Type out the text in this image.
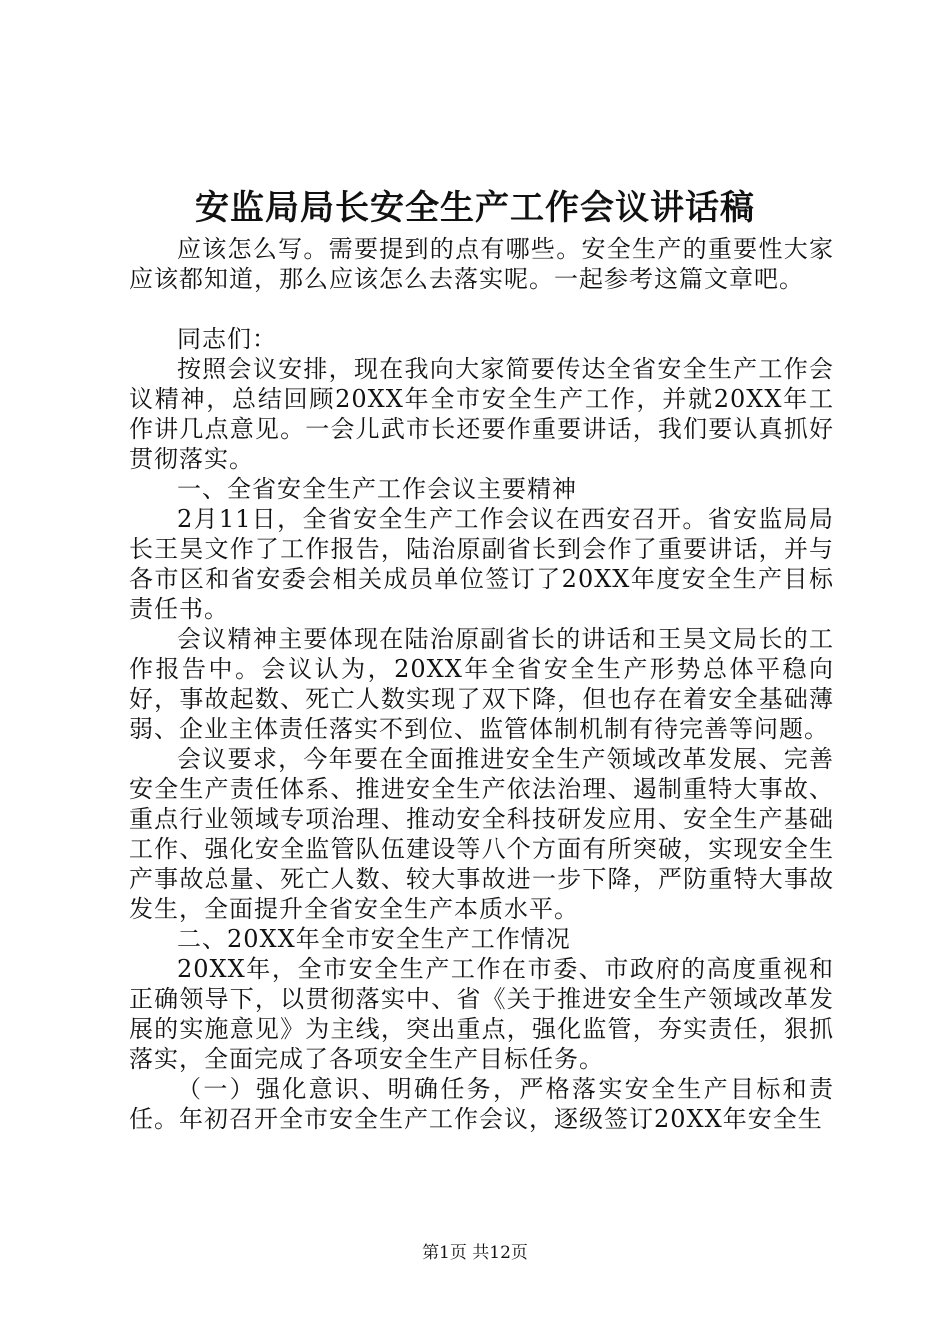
安监局局长安全生产工作会议讲话稿

应该怎么写。需要提到的点有哪些。安全生产的重要性大家应该都知道，那么应该怎么去落实呢。一起参考这篇文章吧。

同志们：

按照会议安排，现在我向大家简要传达全省安全生产工作会议精神，总结回顾20XX年全市安全生产工作，并就20XX年工作讲几点意见。一会儿武市长还要作重要讲话，我们要认真抓好贯彻落实。

一、全省安全生产工作会议主要精神

2月11日，全省安全生产工作会议在西安召开。省安监局局长王昊文作了工作报告，陆治原副省长到会作了重要讲话，并与各市区和省安委会相关成员单位签订了20XX年度安全生产目标责任书。

会议精神主要体现在陆治原副省长的讲话和王昊文局长的工作报告中。会议认为，20XX年全省安全生产形势总体平稳向好，事故起数、死亡人数实现了双下降，但也存在着安全基础薄弱、企业主体责任落实不到位、监管体制机制有待完善等问题。

会议要求，今年要在全面推进安全生产领域改革发展、完善安全生产责任体系、推进安全生产依法治理、遏制重特大事故、重点行业领域专项治理、推动安全科技研发应用、安全生产基础工作、强化安全监管队伍建设等八个方面有所突破，实现安全生产事故总量、死亡人数、较大事故进一步下降，严防重特大事故发生，全面提升全省安全生产本质水平。

二、20XX年全市安全生产工作情况

20XX年，全市安全生产工作在市委、市政府的高度重视和正确领导下，以贯彻落实中、省《关于推进安全生产领域改革发展的实施意见》为主线，突出重点，强化监管，夯实责任，狠抓落实，全面完成了各项安全生产目标任务。

（一）强化意识、明确任务，严格落实安全生产目标和责任。年初召开全市安全生产工作会议，逐级签订20XX年安全生

第1页 共12页
